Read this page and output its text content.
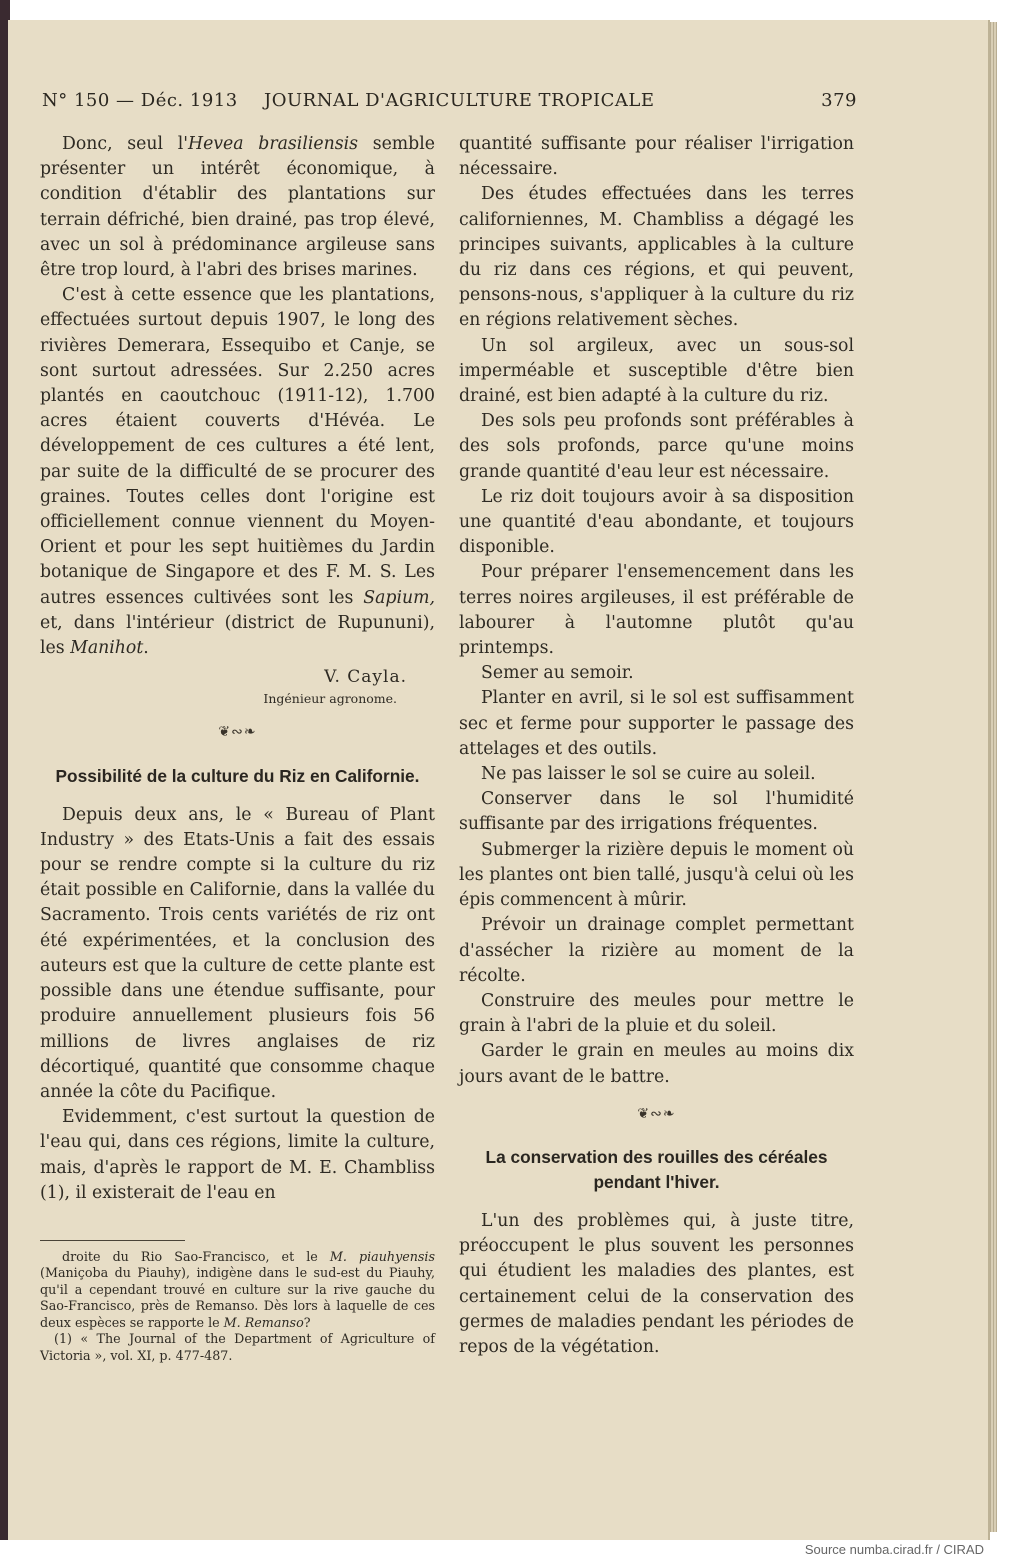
N° 150 — Déc. 1913 JOURNAL D'AGRICULTURE TROPICALE	379

Donc, seul l'Hevea brasiliensis semble présenter un intérêt économique, à condition d'établir des plantations sur terrain défriché, bien drainé, pas trop élevé, avec un sol à prédominance argileuse sans être trop lourd, à l'abri des brises marines.

C'est à cette essence que les plantations, effectuées surtout depuis 1907, le long des rivières Demerara, Essequibo et Canje, se sont surtout adressées. Sur 2.250 acres plantés en caoutchouc (1911-12), 1.700 acres étaient couverts d'Hévéa. Le développement de ces cultures a été lent, par suite de la difficulté de se procurer des graines. Toutes celles dont l'origine est officiellement connue viennent du Moyen-Orient et pour les sept huitièmes du Jardin botanique de Singapore et des F. M. S. Les autres essences cultivées sont les Sapium, et, dans l'intérieur (district de Rupununi), les Manihot.

V. Cayla.
Ingénieur agronome.
❦∾❧
Possibilité de la culture du Riz en Californie.

Depuis deux ans, le « Bureau of Plant Industry » des Etats-Unis a fait des essais pour se rendre compte si la culture du riz était possible en Californie, dans la vallée du Sacramento. Trois cents variétés de riz ont été expérimentées, et la conclusion des auteurs est que la culture de cette plante est possible dans une étendue suffisante, pour produire annuellement plusieurs fois 56 millions de livres anglaises de riz décortiqué, quantité que consomme chaque année la côte du Pacifique.

Evidemment, c'est surtout la question de l'eau qui, dans ces régions, limite la culture, mais, d'après le rapport de M. E. Chambliss (1), il existerait de l'eau en

droite du Rio Sao-Francisco, et le M. piauhyensis (Maniçoba du Piauhy), indigène dans le sud-est du Piauhy, qu'il a cependant trouvé en culture sur la rive gauche du Sao-Francisco, près de Remanso. Dès lors à laquelle de ces deux espèces se rapporte le M. Remanso?

(1) « The Journal of the Department of Agriculture of Victoria », vol. XI, p. 477-487.

quantité suffisante pour réaliser l'irrigation nécessaire.

Des études effectuées dans les terres californiennes, M. Chambliss a dégagé les principes suivants, applicables à la culture du riz dans ces régions, et qui peuvent, pensons-nous, s'appliquer à la culture du riz en régions relativement sèches.

Un sol argileux, avec un sous-sol imperméable et susceptible d'être bien drainé, est bien adapté à la culture du riz.

Des sols peu profonds sont préférables à des sols profonds, parce qu'une moins grande quantité d'eau leur est nécessaire.

Le riz doit toujours avoir à sa disposition une quantité d'eau abondante, et toujours disponible.

Pour préparer l'ensemencement dans les terres noires argileuses, il est préférable de labourer à l'automne plutôt qu'au printemps.

Semer au semoir.

Planter en avril, si le sol est suffisamment sec et ferme pour supporter le passage des attelages et des outils.

Ne pas laisser le sol se cuire au soleil.

Conserver dans le sol l'humidité suffisante par des irrigations fréquentes.

Submerger la rizière depuis le moment où les plantes ont bien tallé, jusqu'à celui où les épis commencent à mûrir.

Prévoir un drainage complet permettant d'assécher la rizière au moment de la récolte.

Construire des meules pour mettre le grain à l'abri de la pluie et du soleil.

Garder le grain en meules au moins dix jours avant de le battre.

❦∾❧
La conservation des rouilles des céréales pendant l'hiver.

L'un des problèmes qui, à juste titre, préoccupent le plus souvent les personnes qui étudient les maladies des plantes, est certainement celui de la conservation des germes de maladies pendant les périodes de repos de la végétation.

Source numba.cirad.fr / CIRAD
